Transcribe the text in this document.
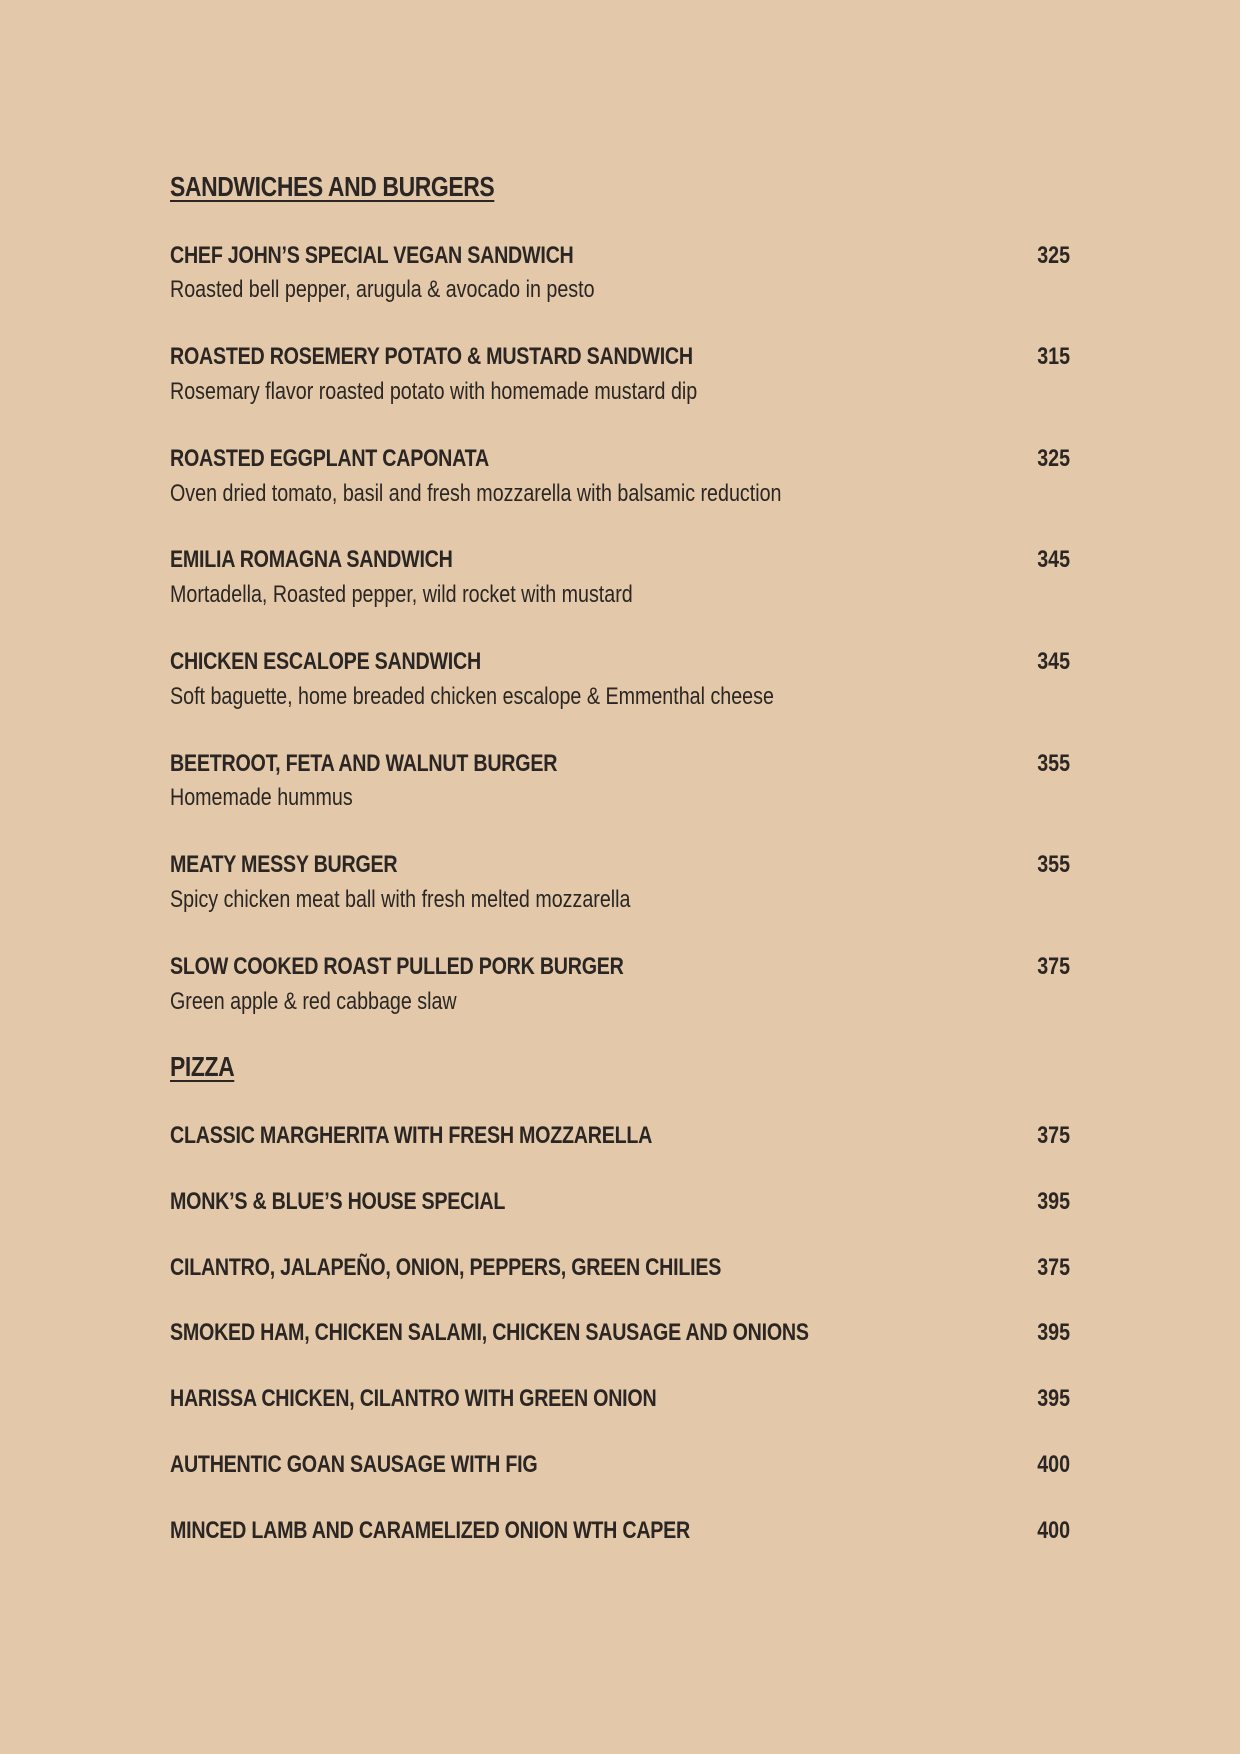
SANDWICHES AND BURGERS
CHEF JOHN’S SPECIAL VEGAN SANDWICH	325
Roasted bell pepper, arugula & avocado in pesto
ROASTED ROSEMERY POTATO & MUSTARD SANDWICH	315
Rosemary flavor roasted potato with homemade mustard dip
ROASTED EGGPLANT CAPONATA	325
Oven dried tomato, basil and fresh mozzarella with balsamic reduction
EMILIA ROMAGNA SANDWICH	345
Mortadella, Roasted pepper, wild rocket with mustard
CHICKEN ESCALOPE SANDWICH	345
Soft baguette, home breaded chicken escalope & Emmenthal cheese
BEETROOT, FETA AND WALNUT BURGER	355
Homemade hummus
MEATY MESSY BURGER	355
Spicy chicken meat ball with fresh melted mozzarella
SLOW COOKED ROAST PULLED PORK BURGER	375
Green apple & red cabbage slaw
PIZZA
CLASSIC MARGHERITA WITH FRESH MOZZARELLA	375
MONK’S & BLUE’S HOUSE SPECIAL	395
CILANTRO, JALAPEÑO, ONION, PEPPERS, GREEN CHILIES	375
SMOKED HAM, CHICKEN SALAMI, CHICKEN SAUSAGE AND ONIONS	395
HARISSA CHICKEN, CILANTRO WITH GREEN ONION	395
AUTHENTIC GOAN SAUSAGE WITH FIG	400
MINCED LAMB AND CARAMELIZED ONION WTH CAPER	400
